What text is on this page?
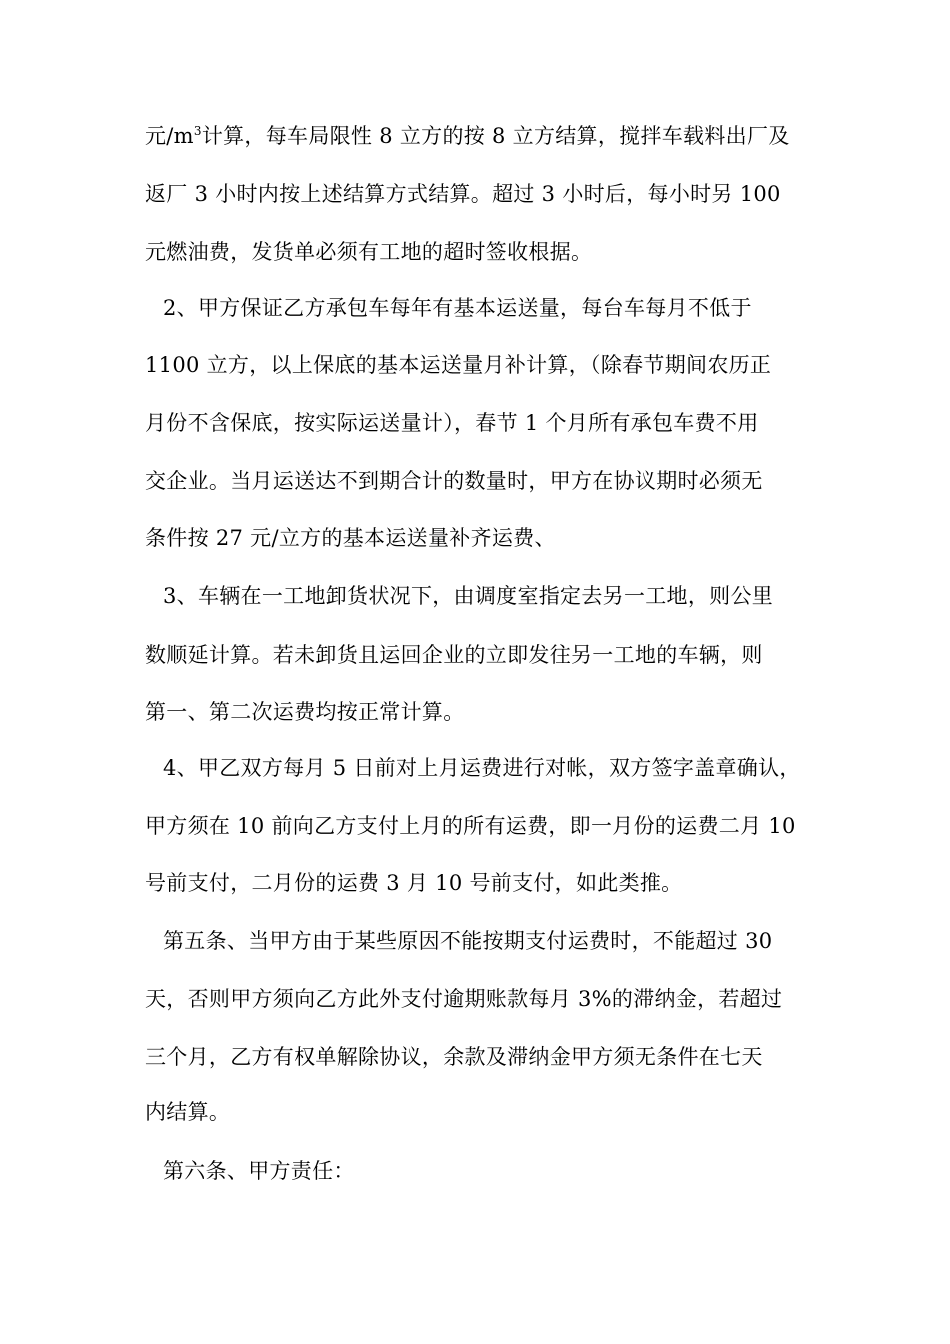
元$/m^3$计算，每车局限性 8 立方的按 8 立方结算，搅拌车载料出厂及
返厂 3 小时内按上述结算方式结算。超过 3 小时后，每小时另 100
元燃油费，发货单必须有工地的超时签收根据。
2、甲方保证乙方承包车每年有基本运送量，每台车每月不低于
1100 立方，以上保底的基本运送量月补计算，（除春节期间农历正
月份不含保底，按实际运送量计），春节 1 个月所有承包车费不用
交企业。当月运送达不到期合计的数量时，甲方在协议期时必须无
条件按 27 元/立方的基本运送量补齐运费、
3、车辆在一工地卸货状况下，由调度室指定去另一工地，则公里
数顺延计算。若未卸货且运回企业的立即发往另一工地的车辆，则
第一、第二次运费均按正常计算。
4、甲乙双方每月 5 日前对上月运费进行对帐，双方签字盖章确认，
甲方须在 10 前向乙方支付上月的所有运费，即一月份的运费二月 10
号前支付，二月份的运费 3 月 10 号前支付，如此类推。
第五条、当甲方由于某些原因不能按期支付运费时，不能超过 30
天，否则甲方须向乙方此外支付逾期账款每月 3%的滞纳金，若超过
三个月，乙方有权单解除协议，余款及滞纳金甲方须无条件在七天
内结算。
第六条、甲方责任：
